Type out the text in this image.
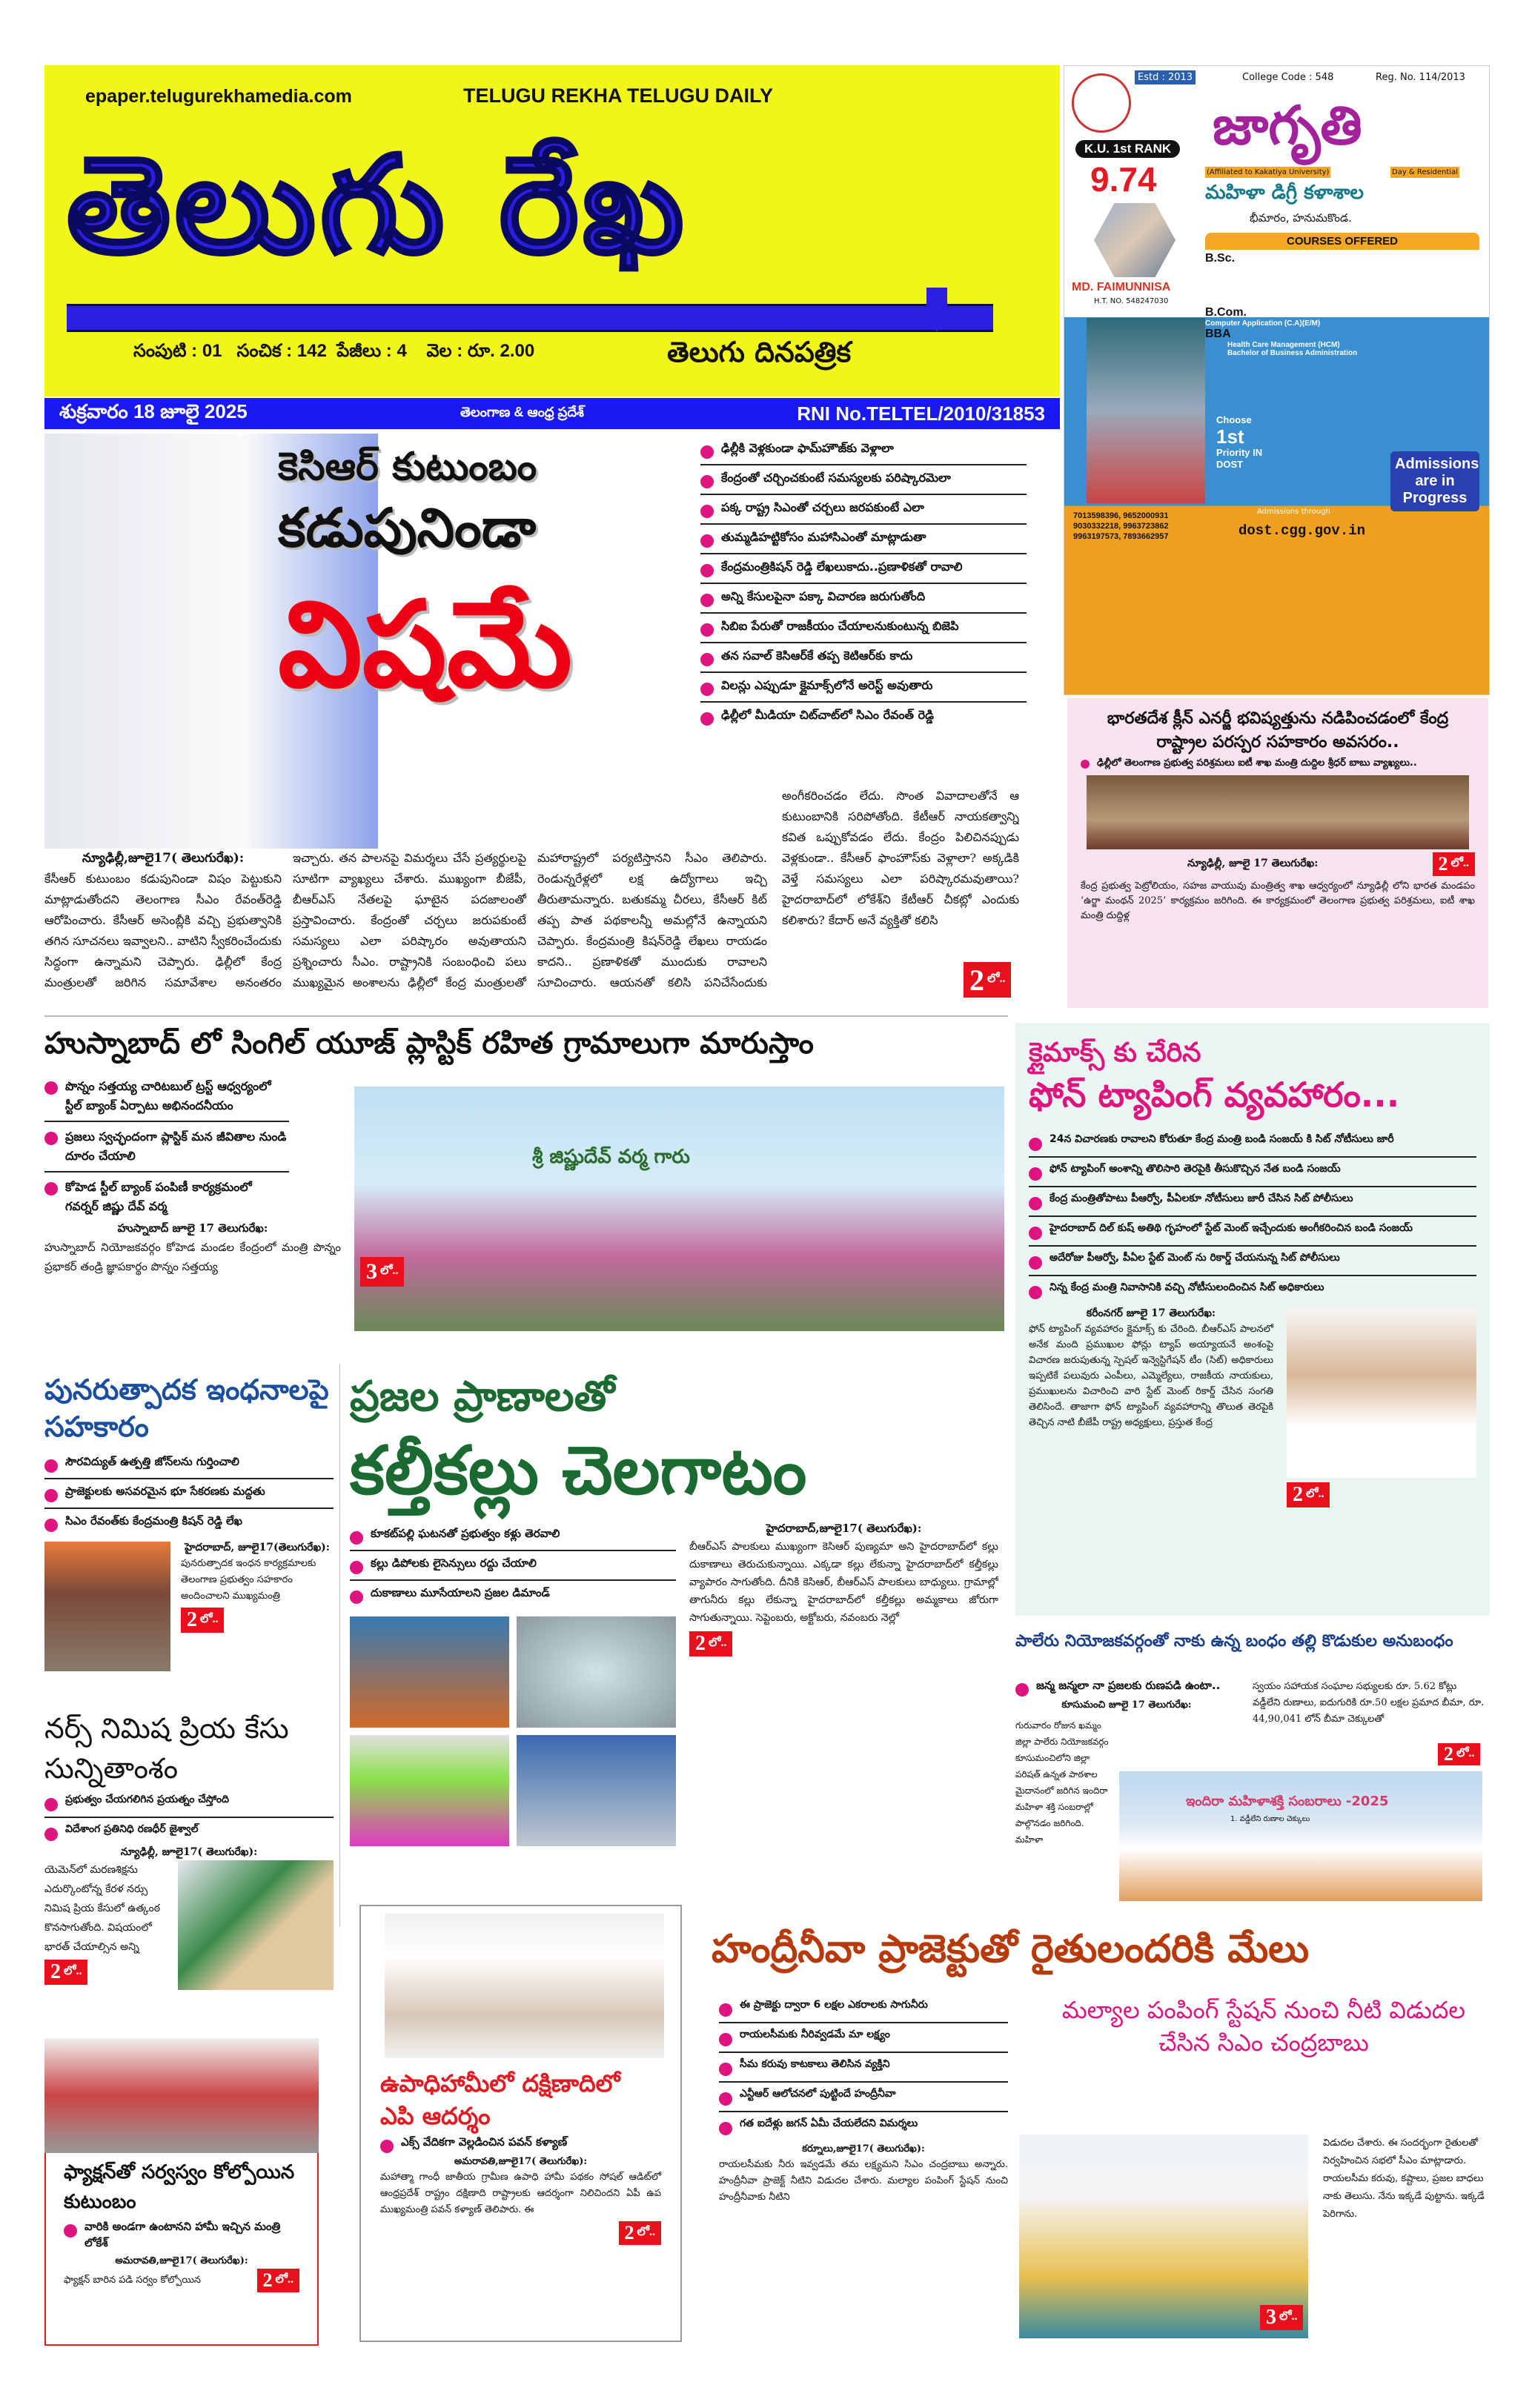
epaper.telugurekhamedia.com	TELUGU REKHA TELUGU DAILY
తెలుగు రేఖ
సంపుటి : 01 సంచిక : 142 పేజీలు : 4 వెల : రూ. 2.00	తెలుగు దినపత్రిక
శుక్రవారం 18 జూలై 2025	తెలంగాణ & ఆంధ్ర ప్రదేశ్	RNI No.TELTEL/2010/31853
Estd : 2013	College Code : 548	Reg. No. 114/2013
జాగృతి
(Affiliated to Kakatiya University)	Day & Residential
మహిళా డిగ్రీ కళాశాల
భీమారం, హనుమకొండ.
K.U. 1st RANK
9.74
MD. FAIMUNNISA
H.T. NO. 548247030
COURSES OFFERED
B.Sc.
Mathematics, Statistics, Data Science
Mathematics, Physics, Computer Science
Agriculture, Botany, Chemistry
Food Science, Zoology, Chemistry
Food & Nutrition, Botany, Zoology
B.Com.
Computer Application (C.A)(E/M)
BBA
Health Care Management (HCM)
Bachelor of Business Administration
Choose
1st
Priority IN DOST
7013598396, 9652000931
9030332218, 9963723862
9963197573, 7893662957
Admissions through
dost.cgg.gov.in
Admissions are in Progress
కెసిఆర్ కుటుంబం
కడుపునిండా
విషమే
ఢిల్లీకి వెళ్లకుండా ఫామ్‌హౌజ్‌కు వెళ్లాలా
కేంద్రంతో చర్చించకుంటే సమస్యలకు పరిష్కారమెలా
పక్క రాష్ట్ర సిఎంతో చర్చలు జరపకుంటే ఎలా
తుమ్మడిహట్టికోసం మహాసిఎంతో మాట్లాడుతా
కేంద్రమంత్రికిషన్ రెడ్డి లేఖలుకాదు..ప్రణాళికతో రావాలి
అన్ని కేసులపైనా పక్కా విచారణ జరుగుతోంది
సిబిఐ పేరుతో రాజకీయం చేయాలనుకుంటున్న బిజెపి
తన సవాల్ కెసిఆర్‌కే తప్ప కెటిఆర్‌కు కాదు
విలన్లు ఎప్పుడూ క్లైమాక్స్‌లోనే అరెస్ట్ అవుతారు
ఢిల్లీలో మీడియా చిట్‌చాట్‌లో సిఎం రేవంత్ రెడ్డి
న్యూఢిల్లీ,జూలై17( తెలుగురేఖ):
కేసీఆర్ కుటుంబం కడుపునిండా విషం పెట్టుకుని మాట్లాడుతోందని తెలంగాణ సీఎం రేవంత్‌రెడ్డి ఆరోపించారు. కేసీఆర్ అసెంబ్లీకి వచ్చి ప్రభుత్వానికి తగిన సూచనలు ఇవ్వాలని.. వాటిని స్వీకరించేందుకు సిద్ధంగా ఉన్నామని చెప్పారు. ఢిల్లీలో కేంద్ర మంత్రులతో జరిగిన సమావేశాల అనంతరం
ఇచ్చారు. తన పాలనపై విమర్శలు చేసే ప్రత్యర్థులపై సూటిగా వ్యాఖ్యలు చేశారు. ముఖ్యంగా బీజేపీ, బీఆర్ఎస్ నేతలపై ఘాటైన పదజాలంతో ప్రస్తావించారు. కేంద్రంతో చర్చలు జరుపకుంటే సమస్యలు ఎలా పరిష్కారం అవుతాయని ప్రశ్నించారు సీఎం. రాష్ట్రానికి సంబంధించి పలు ముఖ్యమైన అంశాలను ఢిల్లీలో కేంద్ర మంత్రులతో
మహారాష్ట్రలో పర్యటిస్తానని సీఎం తెలిపారు. రెండున్నరేళ్లలో లక్ష ఉద్యోగాలు ఇచ్చి తీరుతామన్నారు. బతుకమ్మ చీరలు, కేసీఆర్ కిట్ తప్ప పాత పథకాలన్నీ అమల్లోనే ఉన్నాయని చెప్పారు. కేంద్రమంత్రి కిషన్‌రెడ్డి లేఖలు రాయడం కాదని.. ప్రణాళికతో ముందుకు రావాలని సూచించారు. ఆయనతో కలిసి పనిచేసేందుకు
అంగీకరించడం లేదు. సొంత వివాదాలతోనే ఆ కుటుంబానికి సరిపోతోంది. కేటీఆర్ నాయకత్వాన్ని కవిత ఒప్పుకోవడం లేదు. కేంద్రం పిలిచినప్పుడు వెళ్లకుండా.. కేసీఆర్ ఫాంహౌస్‌కు వెళ్లాలా? అక్కడికి వెళ్తే సమస్యలు ఎలా పరిష్కారమవుతాయి? హైదరాబాద్‌లో లోకేశ్‌ని కేటీఆర్ చీకట్లో ఎందుకు కలిశారు? కేదార్ అనే వ్యక్తితో కలిసి
2 లో..
భారతదేశ క్లీన్ ఎనర్జీ భవిష్యత్తును నడిపించడంలో కేంద్ర రాష్ట్రాల పరస్పర సహకారం అవసరం..
ఢిల్లీలో తెలంగాణ ప్రభుత్వ పరిశ్రమలు ఐటీ శాఖ మంత్రి దుద్దిల శ్రీధర్ బాబు వ్యాఖ్యలు..
న్యూఢిల్లీ, జూలై 17 తెలుగురేఖ:	2 లో..
కేంద్ర ప్రభుత్వ పెట్రోలియం, సహజ వాయువు మంత్రిత్వ శాఖ ఆధ్వర్యంలో న్యూఢిల్లీ లోని భారత మండపం ‘ఉర్జా మంథన్ 2025’ కార్యక్రమం జరిగింది. ఈ కార్యక్రమంలో తెలంగాణ ప్రభుత్వ పరిశ్రమలు, ఐటీ శాఖ మంత్రి దుద్దిళ్ల
హుస్నాబాద్ లో సింగిల్ యూజ్ ప్లాస్టిక్ రహిత గ్రామాలుగా మారుస్తాం
పొన్నం సత్తయ్య చారిటబుల్ ట్రస్ట్ ఆధ్వర్యంలో స్టీల్ బ్యాంక్ ఏర్పాటు అభినందనీయం
ప్రజలు స్వచ్ఛందంగా ప్లాస్టిక్ మన జీవితాల నుండి దూరం చేయాలి
కోహెడ స్టీల్ బ్యాంక్ పంపిణీ కార్యక్రమంలో గవర్నర్ జిష్ణు దేవ్ వర్మ
హుస్నాబాద్ జూలై 17 తెలుగురేఖ:
హుస్నాబాద్ నియోజకవర్గం కోహెడ మండల కేంద్రంలో మంత్రి పొన్నం ప్రభాకర్ తండ్రి జ్ఞాపకార్థం పొన్నం సత్తయ్య
శ్రీ జిష్ణుదేవ్ వర్మ గారు
3 లో..
క్లైమాక్స్ కు చేరిన
ఫోన్ ట్యాపింగ్ వ్యవహారం...
24న విచారణకు రావాలని కోరుతూ కేంద్ర మంత్రి బండి సంజయ్ కి సిట్ నోటీసులు జారీ
ఫోన్ ట్యాపింగ్ అంశాన్ని తొలిసారి తెరపైకి తీసుకొచ్చిన నేత బండి సంజయ్
కేంద్ర మంత్రితోపాటు పీఆర్వో, పీఏలకూ నోటీసులు జారీ చేసిన సిట్ పోలీసులు
హైదరాబాద్ దిల్ కుష్ అతిథి గృహంలో స్టేట్ మెంట్ ఇచ్చేందుకు అంగీకరించిన బండి సంజయ్
అదేరోజు పీఆర్వో, పీఏల స్టేట్ మెంట్ ను రికార్డ్ చేయనున్న సిట్ పోలీసులు
నిన్న కేంద్ర మంత్రి నివాసానికి వచ్చి నోటీసులందించిన సిట్ అధికారులు
కరీంనగర్ జూలై 17 తెలుగురేఖ:
ఫోన్ ట్యాపింగ్ వ్యవహారం క్లైమాక్స్ కు చేరింది. బీఆర్ఎస్ పాలనలో అనేక మంది ప్రముఖుల ఫోన్లు ట్యాప్ అయ్యాయనే అంశంపై విచారణ జరుపుతున్న స్పెషల్ ఇన్వెస్టిగేషన్ టీం (సిట్) అధికారులు ఇప్పటికే పలువురు ఎంపీలు, ఎమ్మెల్యేలు, రాజకీయ నాయకులు, ప్రముఖులను విచారించి వారి స్టేట్ మెంట్ రికార్డ్ చేసిన సంగతి తెలిసిందే. తాజాగా ఫోన్ ట్యాపింగ్ వ్యవహారాన్ని తొలుత తెరపైకి తెచ్చిన నాటి బీజేపీ రాష్ట్ర అధ్యక్షులు, ప్రస్తుత కేంద్ర
2 లో..
పునరుత్పాదక ఇంధనాలపై సహకారం
సౌరవిద్యుత్ ఉత్పత్తి జోన్‌లను గుర్తించాలి
ప్రాజెక్టులకు అసవరమైన భూ సేకరణకు మద్దతు
సిఎం రేవంత్‌కు కేంద్రమంత్రి కిషన్ రెడ్డి లేఖ
హైదరాబాద్, జూలై17(తెలుగురేఖ):
పునరుత్పాదక ఇంధన కార్యక్రమాలకు తెలంగాణ ప్రభుత్వం సహకారం అందించాలని ముఖ్యమంత్రి
2 లో..
ప్రజల ప్రాణాలతో
కల్తీకల్లు చెలగాటం
కూకట్‌పల్లి ఘటనతో ప్రభుత్వం కళ్లు తెరవాలి
కల్లు డిపోలకు లైసెన్సులు రద్దు చేయాలి
దుకాణాలు మూసేయాలని ప్రజల డిమాండ్
హైదరాబాద్,జూలై17( తెలుగురేఖ):
బీఆర్ఎస్ పాలకులు ముఖ్యంగా కెసిఆర్ పుణ్యమా అని హైదరాబాద్‌లో కల్లు దుకాణాలు తెరుచుకున్నాయి. ఎక్కడా కల్లు లేకున్నా హైదరాబాద్‌లో కల్తీకల్లు వ్యాపారం సాగుతోంది. దీనికి కెసిఆర్, బీఆర్ఎస్ పాలకులు బాధ్యులు. గ్రామాల్లో తాగునీరు కల్లు లేకున్నా హైదరాబాద్‌లో కల్తీకల్లు అమ్మకాలు జోరుగా సాగుతున్నాయి. సెప్టెంబరు, అక్టోబరు, నవంబరు నెల్లో
2 లో..
నర్స్ నిమిష ప్రియ కేసు సున్నితాంశం
ప్రభుత్వం చేయగలిగిన ప్రయత్నం చేస్తోంది
విదేశాంగ ప్రతినిధి రణధీర్ జైశ్వాల్
న్యూఢిల్లీ, జూలై17( తెలుగురేఖ):
యెమెన్‌లో మరణశిక్షను ఎదుర్కొంటోన్న కేరళ నర్సు నిమిష ప్రియ కేసులో ఉత్కంఠ కొనసాగుతోంది. విషయంలో భారత్ చేయాల్సిన అన్ని
2 లో..
ఫ్యాక్షన్‌తో సర్వస్వం కోల్పోయిన కుటుంబం
వారికి అండగా ఉంటానని హామీ ఇచ్చిన మంత్రి లోకేశ్
అమరావతి,జూలై17( తెలుగురేఖ):
ఫ్యాక్షన్ బారిన పడి సర్వం కోల్పోయిన	2 లో..
ఉపాధిహామీలో దక్షిణాదిలో ఎపి ఆదర్శం
ఎక్స్ వేదికగా వెల్లడించిన పవన్ కళ్యాణ్
అమరావతి,జూలై17( తెలుగురేఖ):
మహాత్మా గాంధీ జాతీయ గ్రామీణ ఉపాధి హామీ పథకం సోషల్ ఆడిట్‌లో ఆంధ్రప్రదేశ్ రాష్ట్రం దక్షిణాది రాష్ట్రాలకు ఆదర్శంగా నిలిచిందని ఏపీ ఉప ముఖ్యమంత్రి పవన్ కళ్యాణ్ తెలిపారు. ఈ
2 లో..
పాలేరు నియోజకవర్గంతో నాకు ఉన్న బంధం తల్లి కొడుకుల అనుబంధం
జన్మ జన్మలా నా ప్రజలకు రుణపడి ఉంటా..
కూసుమంచి జూలై 17 తెలుగురేఖ:
గురువారం రోజున ఖమ్మం జిల్లా పాలేరు నియోజకవర్గం కూసుమంచిలోని జిల్లా పరిషత్ ఉన్నత పాఠశాల మైదానంలో జరిగిన ఇందిరా మహిళా శక్తి సంబరాల్లో పాల్గొనడం జరిగింది. మహిళా
స్వయం సహాయక సంఘాల సభ్యులకు రూ. 5.62 కోట్లు వడ్డీలేని రుణాలు, ఐదుగురికి రూ.50 లక్షల ప్రమాద బీమా, రూ. 44,90,041 లోన్ బీమా చెక్కులతో
2 లో..
ఇందిరా మహిళాశక్తి సంబరాలు -2025
1. వడ్డీలేని రుణాల చెక్కులు
హంద్రీనీవా ప్రాజెక్టుతో రైతులందరికి మేలు
మల్యాల పంపింగ్ స్టేషన్ నుంచి నీటి విడుదల చేసిన సిఎం చంద్రబాబు
ఈ ప్రాజెక్టు ద్వారా 6 లక్షల ఎకరాలకు సాగునీరు
రాయలసీమకు నీరివ్వడమే మా లక్ష్యం
సీమ కరువు కాటకాలు తెలిసిన వ్యక్తిని
ఎన్టీఆర్ ఆలోచనలో పుట్టిందే హంద్రీనీవా
గత ఐదేళ్లు జగన్ ఏమీ చేయలేదని విమర్శలు
కర్నూలు,జూలై17( తెలుగురేఖ):
రాయలసీమకు నీరు ఇవ్వడమే తమ లక్ష్యమని సిఎం చంద్రబాబు అన్నారు. హంద్రీనీవా ప్రాజెక్ట్ నీటిని విడుదల చేశారు. మల్యాల పంపింగ్ స్టేషన్ నుంచి హంద్రీనీవాకు నీటిని
3 లో..
విడుదల చేశారు. ఈ సందర్భంగా రైతులతో నిర్వహించిన సభలో సీఎం మాట్లాడారు. రాయలసీమ కరువు, కష్టాలు, ప్రజల బాధలు నాకు తెలుసు. నేను ఇక్కడే పుట్టాను. ఇక్కడే పెరిగాను.
